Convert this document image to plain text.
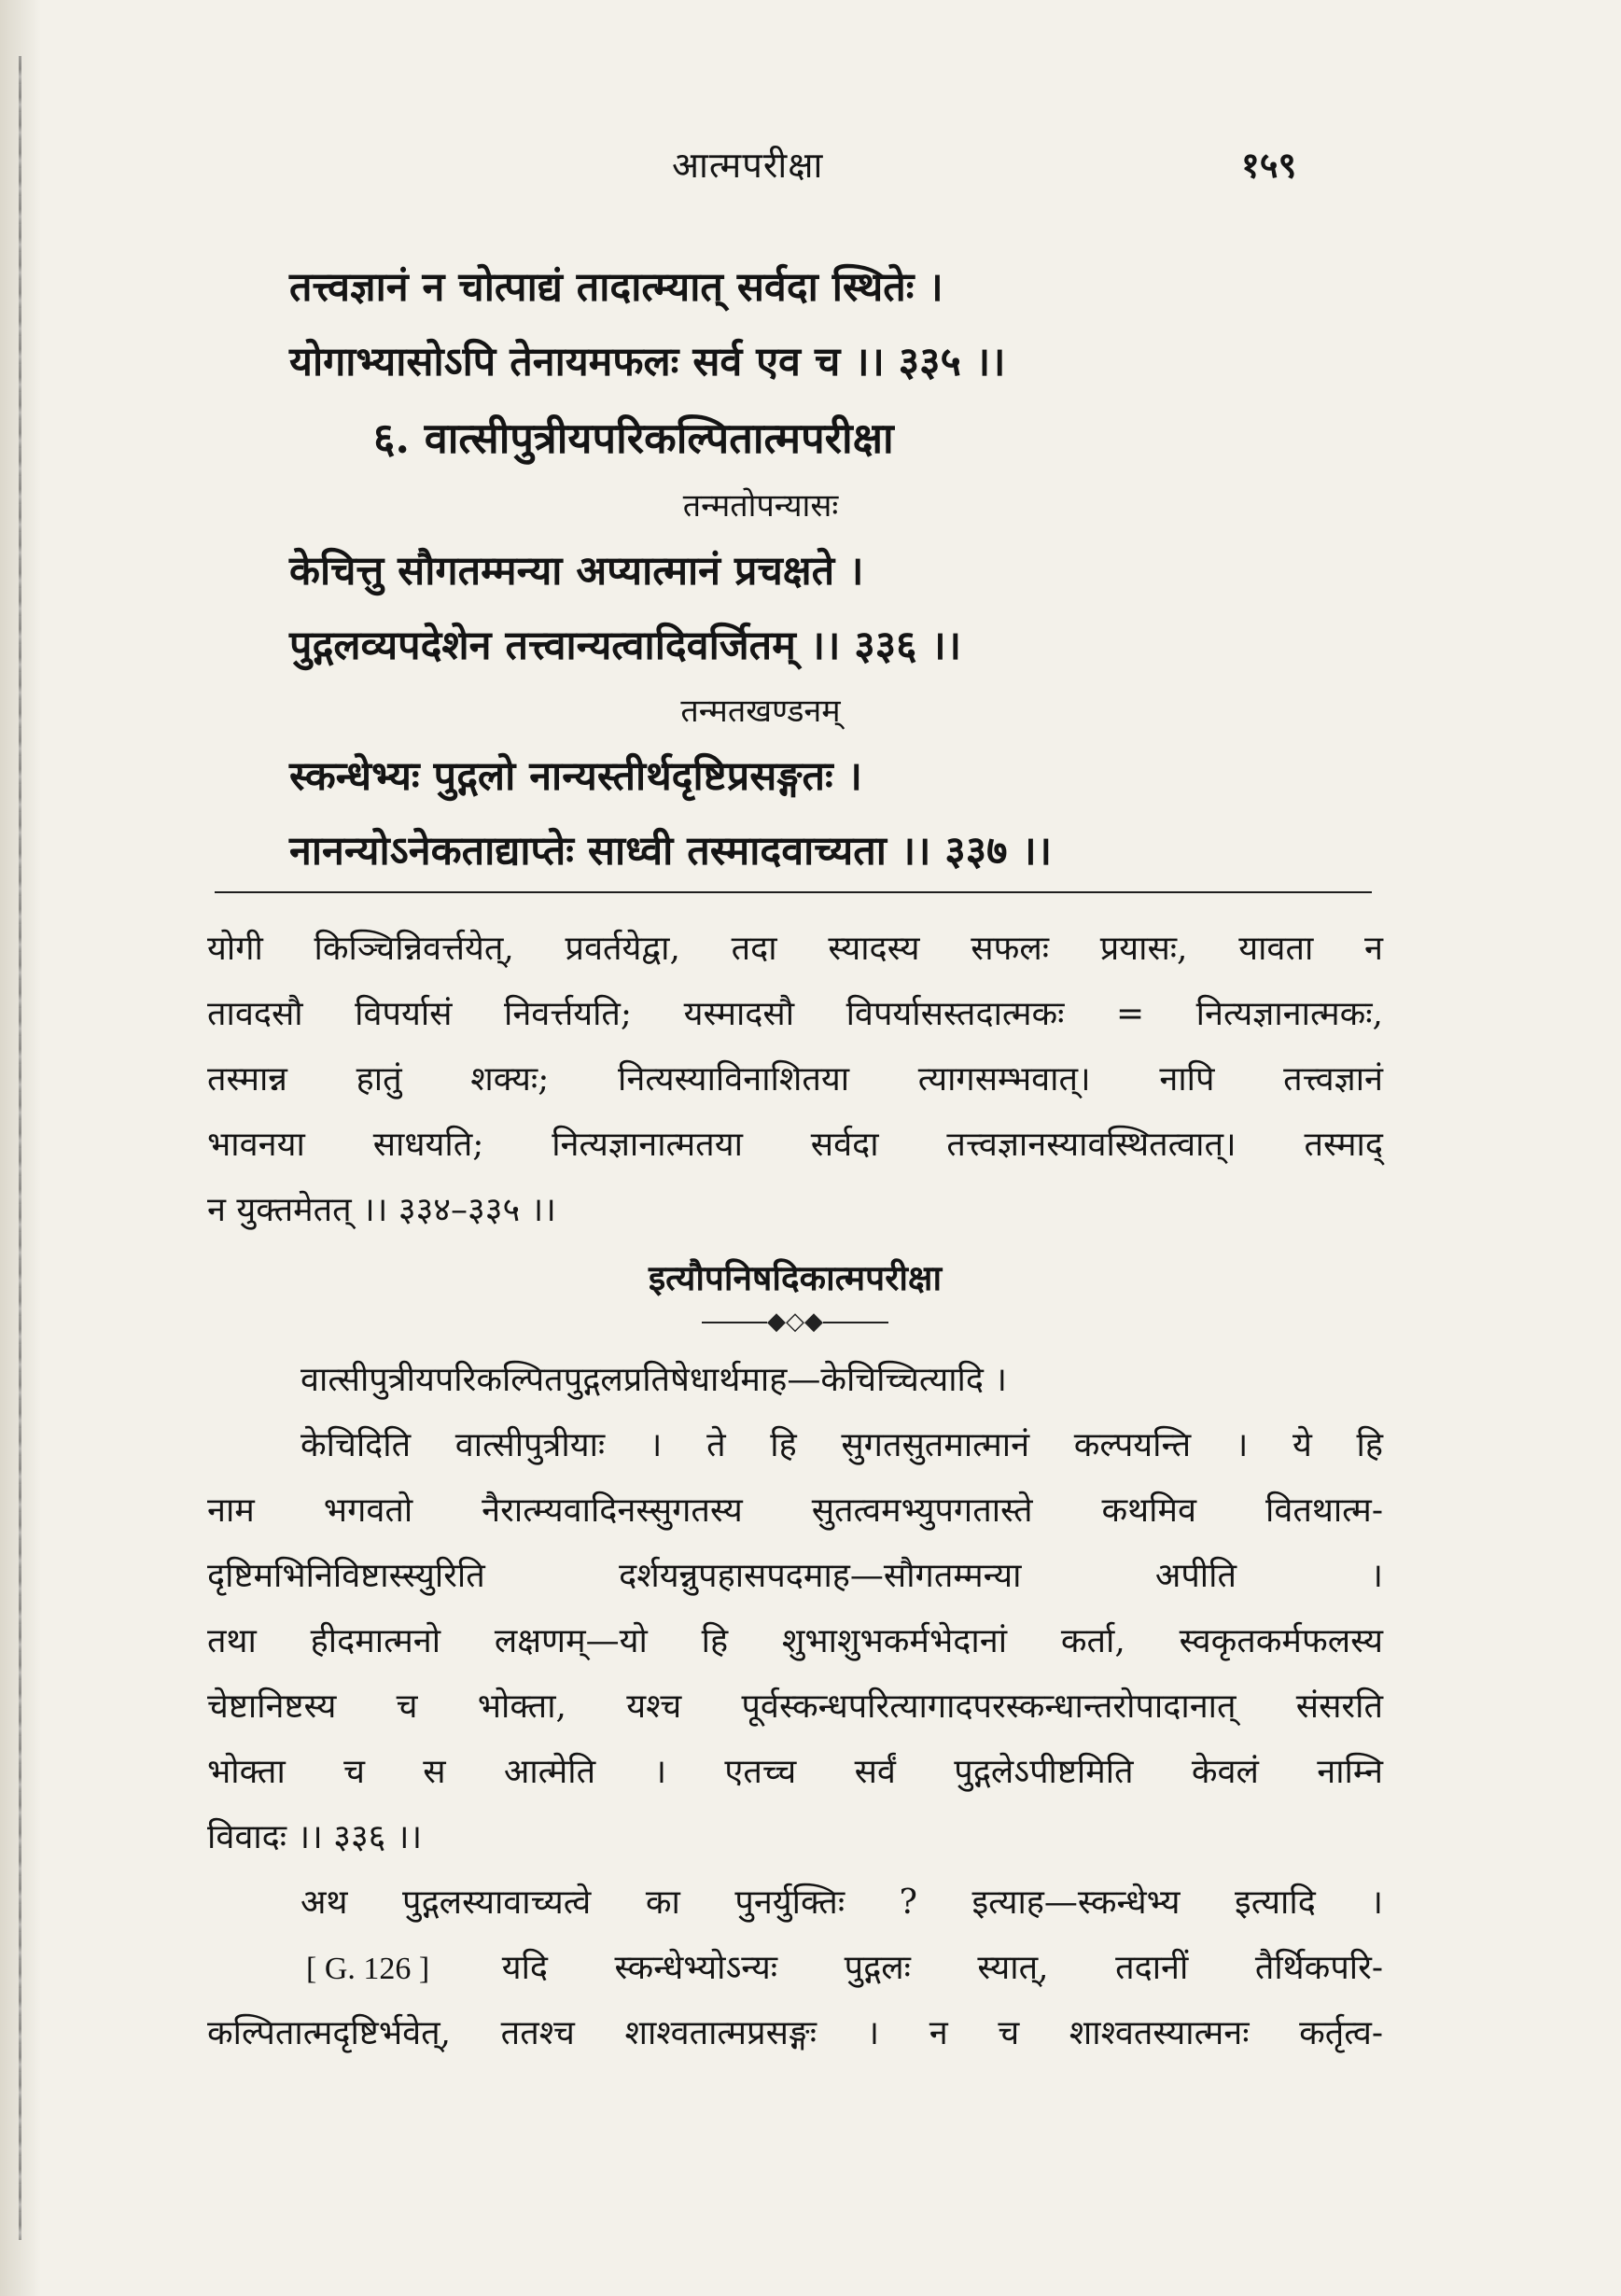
आत्मपरीक्षा	१५९
तत्त्वज्ञानं न चोत्पाद्यं तादात्म्यात् सर्वदा स्थितेः ।
योगाभ्यासोऽपि तेनायमफलः सर्व एव च ।। ३३५ ।।
६. वात्सीपुत्रीयपरिकल्पितात्मपरीक्षा
तन्मतोपन्यासः
केचित्तु सौगतम्मन्या अप्यात्मानं प्रचक्षते ।
पुद्गलव्यपदेशेन तत्त्वान्यत्वादिवर्जितम् ।। ३३६ ।।
तन्मतखण्डनम्
स्कन्धेभ्यः पुद्गलो नान्यस्तीर्थदृष्टिप्रसङ्गतः ।
नानन्योऽनेकताद्याप्तेः साध्वी तस्मादवाच्यता ।। ३३७ ।।
योगी किञ्चिन्निवर्त्तयेत्, प्रवर्तयेद्वा, तदा स्यादस्य सफलः प्रयासः, यावता न
तावदसौ विपर्यासं निवर्त्तयति; यस्मादसौ विपर्यासस्तदात्मकः = नित्यज्ञानात्मकः,
तस्मान्न हातुं शक्यः; नित्यस्याविनाशितया त्यागसम्भवात्। नापि तत्त्वज्ञानं
भावनया साधयति; नित्यज्ञानात्मतया सर्वदा तत्त्वज्ञानस्यावस्थितत्वात्। तस्माद्
न युक्तमेतत् ।। ३३४–३३५ ।।
इत्यौपनिषदिकात्मपरीक्षा
◆◇◆
वात्सीपुत्रीयपरिकल्पितपुद्गलप्रतिषेधार्थमाह—केचिच्चित्यादि ।
केचिदिति वात्सीपुत्रीयाः । ते हि सुगतसुतमात्मानं कल्पयन्ति । ये हि
नाम भगवतो नैरात्म्यवादिनस्सुगतस्य सुतत्वमभ्युपगतास्ते कथमिव वितथात्म-
दृष्टिमभिनिविष्टास्स्युरिति दर्शयन्नुपहासपदमाह—सौगतम्मन्या अपीति ।
तथा हीदमात्मनो लक्षणम्—यो हि शुभाशुभकर्मभेदानां कर्ता, स्वकृतकर्मफलस्य
चेष्टानिष्टस्य च भोक्ता, यश्च पूर्वस्कन्धपरित्यागादपरस्कन्धान्तरोपादानात् संसरति
भोक्ता च स आत्मेति । एतच्च सर्वं पुद्गलेऽपीष्टमिति केवलं नाम्नि
विवादः ।। ३३६ ।।
अथ पुद्गलस्यावाच्यत्वे का पुनर्युक्तिः ? इत्याह—स्कन्धेभ्य इत्यादि ।
[ G. 126 ] यदि स्कन्धेभ्योऽन्यः पुद्गलः स्यात्, तदानीं तैर्थिकपरि-
कल्पितात्मदृष्टिर्भवेत्, ततश्च शाश्वतात्मप्रसङ्गः । न च शाश्वतस्यात्मनः कर्तृत्व-
